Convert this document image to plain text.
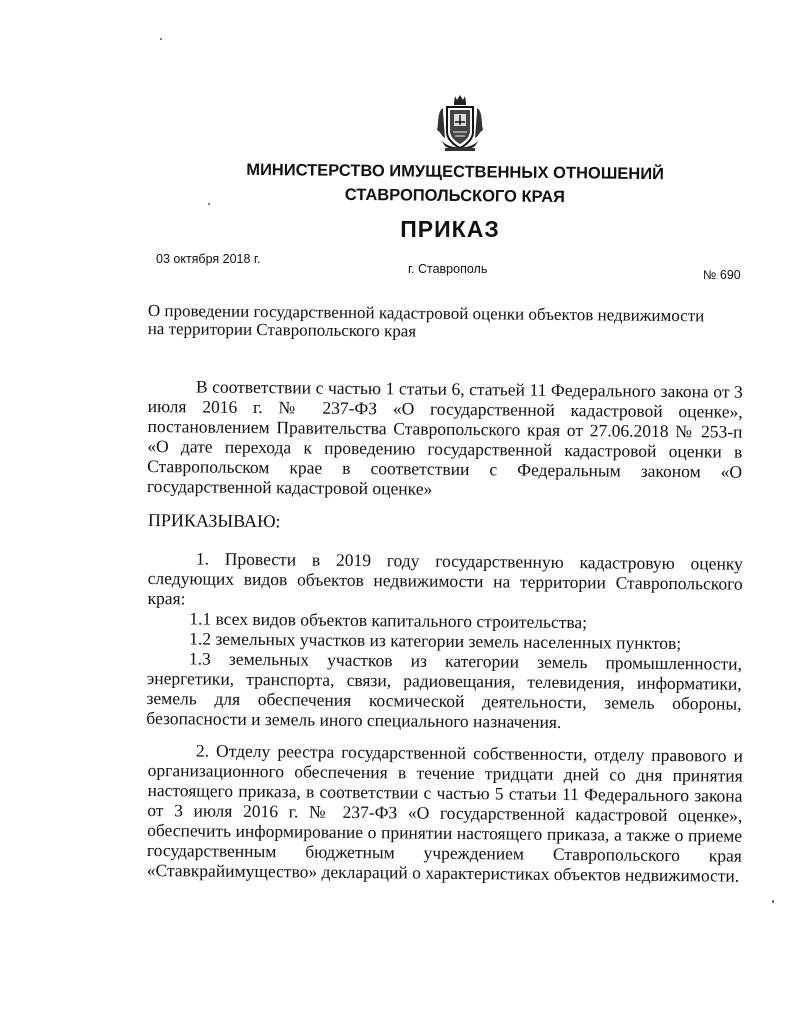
МИНИСТЕРСТВО ИМУЩЕСТВЕННЫХ ОТНОШЕНИЙ
СТАВРОПОЛЬСКОГО КРАЯ
ПРИКАЗ
03 октября 2018 г.
г. Ставрополь	№ 690

О проведении государственной кадастровой оценки объектов недвижимости

на территории Ставропольского края

В соответствии с частью 1 статьи 6, статьей 11 Федерального закона от 3 июля 2016 г. № 237-ФЗ «О государственной кадастровой оценке», постановлением Правительства Ставропольского края от 27.06.2018 № 253-п «О дате перехода к проведению государственной кадастровой оценки в Ставропольском крае в соответствии с Федеральным законом «О государственной кадастровой оценке»

ПРИКАЗЫВАЮ:

1. Провести в 2019 году государственную кадастровую оценку следующих видов объектов недвижимости на территории Ставропольского края:

1.1 всех видов объектов капитального строительства;

1.2 земельных участков из категории земель населенных пунктов;

1.3 земельных участков из категории земель промышленности, энергетики, транспорта, связи, радиовещания, телевидения, информатики, земель для обеспечения космической деятельности, земель обороны, безопасности и земель иного специального назначения.

2. Отделу реестра государственной собственности, отделу правового и организационного обеспечения в течение тридцати дней со дня принятия настоящего приказа, в соответствии с частью 5 статьи 11 Федерального закона от 3 июля 2016 г. № 237-ФЗ «О государственной кадастровой оценке», обеспечить информирование о принятии настоящего приказа, а также о приеме государственным бюджетным учреждением Ставропольского края «Ставкрайимущество» деклараций о характеристиках объектов недвижимости.
